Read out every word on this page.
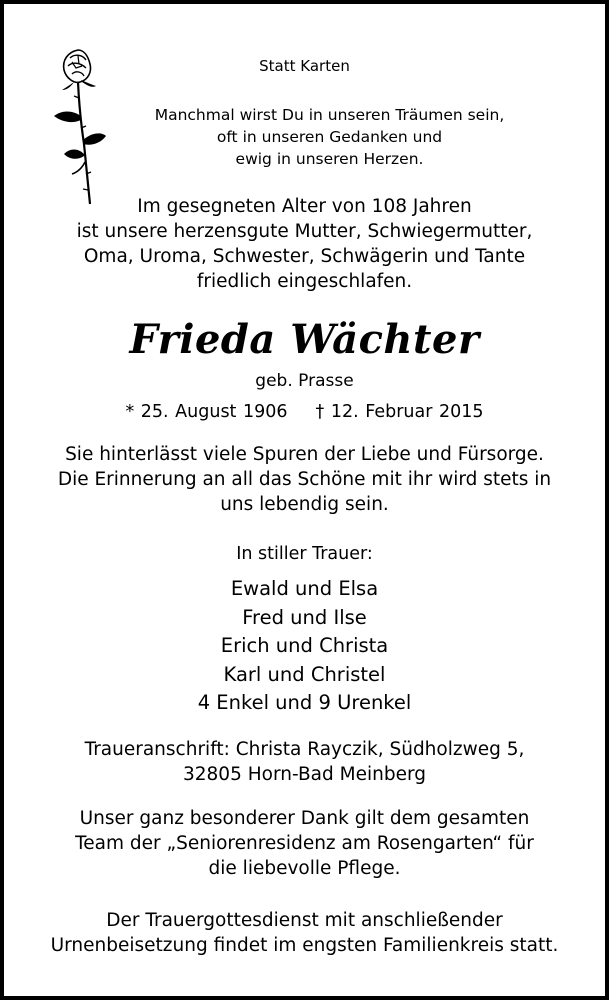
Statt Karten
Manchmal wirst Du in unseren Träumen sein,
oft in unseren Gedanken und
ewig in unseren Herzen.
Im gesegneten Alter von 108 Jahren
ist unsere herzensgute Mutter, Schwiegermutter,
Oma, Uroma, Schwester, Schwägerin und Tante
friedlich eingeschlafen.
Frieda Wächter
geb. Prasse
* 25. August 1906 † 12. Februar 2015
Sie hinterlässt viele Spuren der Liebe und Fürsorge.
Die Erinnerung an all das Schöne mit ihr wird stets in
uns lebendig sein.
In stiller Trauer:
Ewald und Elsa
Fred und Ilse
Erich und Christa
Karl und Christel
4 Enkel und 9 Urenkel
Traueranschrift: Christa Rayczik, Südholzweg 5,
32805 Horn-Bad Meinberg
Unser ganz besonderer Dank gilt dem gesamten
Team der „Seniorenresidenz am Rosengarten“ für
die liebevolle Pflege.
Der Trauergottesdienst mit anschließender
Urnenbeisetzung findet im engsten Familienkreis statt.
